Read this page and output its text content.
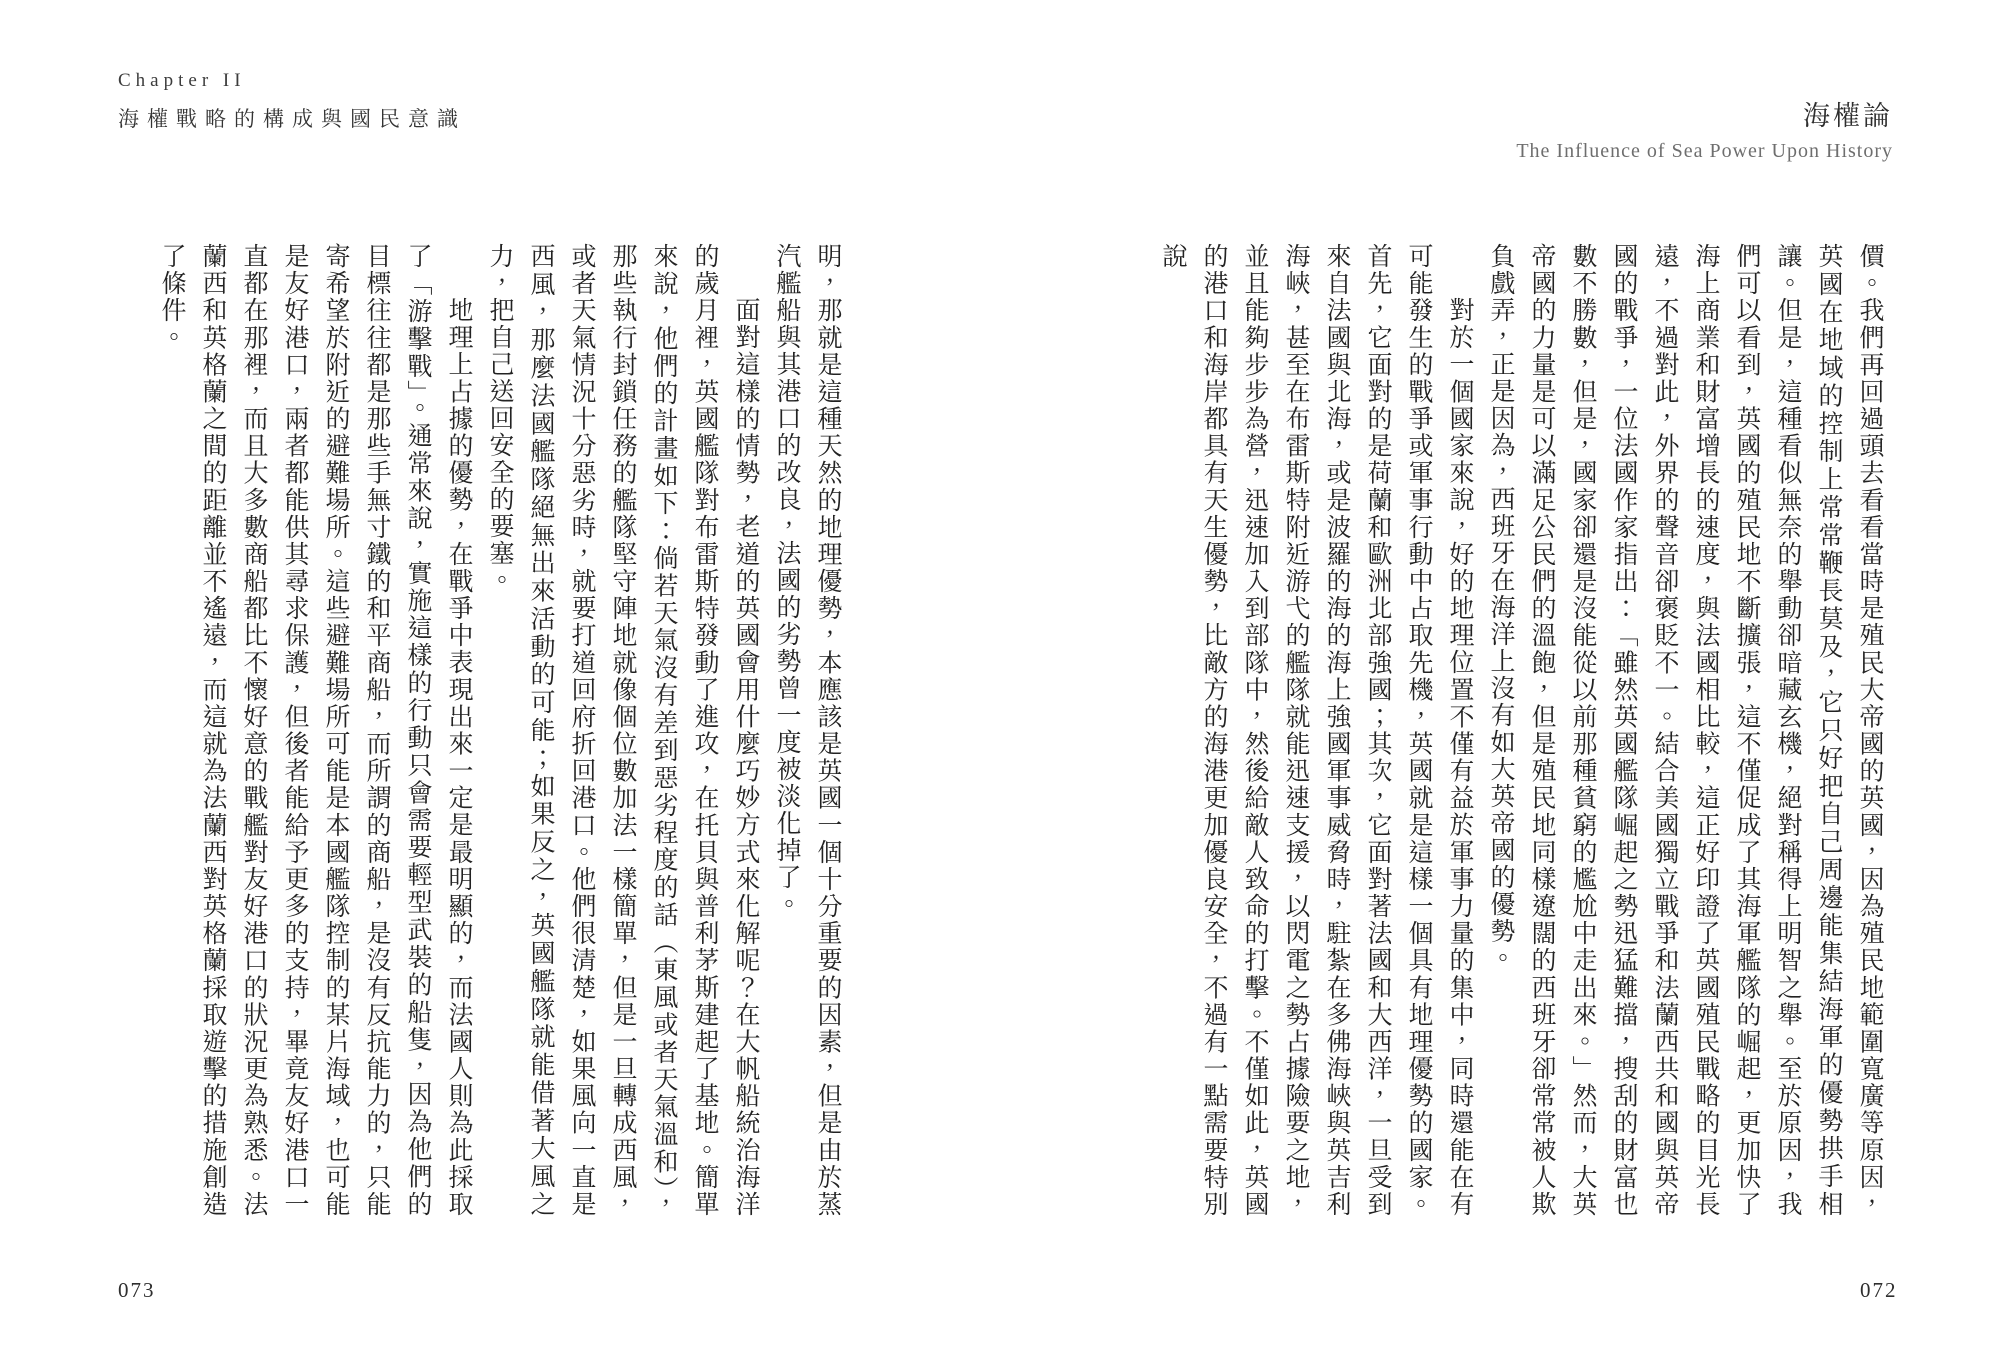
Chapter II
海權戰略的構成與國民意識

明，那就是這種天然的地理優勢，本應該是英國一個十分重要的因素，但是由於蒸汽艦船與其港口的改良，法國的劣勢曾一度被淡化掉了。

面對這樣的情勢，老道的英國會用什麼巧妙方式來化解呢？在大帆船統治海洋的歲月裡，英國艦隊對布雷斯特發動了進攻，在托貝與普利茅斯建起了基地。簡單來說，他們的計畫如下：倘若天氣沒有差到惡劣程度的話（東風或者天氣溫和），那些執行封鎖任務的艦隊堅守陣地就像個位數加法一樣簡單，但是一旦轉成西風，或者天氣情況十分惡劣時，就要打道回府折回港口。他們很清楚，如果風向一直是西風，那麼法國艦隊絕無出來活動的可能；如果反之，英國艦隊就能借著大風之力，把自己送回安全的要塞。

地理上占據的優勢，在戰爭中表現出來一定是最明顯的，而法國人則為此採取了「游擊戰」。通常來說，實施這樣的行動只會需要輕型武裝的船隻，因為他們的目標往往都是那些手無寸鐵的和平商船，而所謂的商船，是沒有反抗能力的，只能寄希望於附近的避難場所。這些避難場所可能是本國艦隊控制的某片海域，也可能是友好港口，兩者都能供其尋求保護，但後者能給予更多的支持，畢竟友好港口一直都在那裡，而且大多數商船都比不懷好意的戰艦對友好港口的狀況更為熟悉。法蘭西和英格蘭之間的距離並不遙遠，而這就為法蘭西對英格蘭採取遊擊的措施創造了條件。

073
海權論
The Influence of Sea Power Upon History

價。我們再回過頭去看看當時是殖民大帝國的英國，因為殖民地範圍寬廣等原因，英國在地域的控制上常常鞭長莫及，它只好把自己周邊能集結海軍的優勢拱手相讓。但是，這種看似無奈的舉動卻暗藏玄機，絕對稱得上明智之舉。至於原因，我們可以看到，英國的殖民地不斷擴張，這不僅促成了其海軍艦隊的崛起，更加快了海上商業和財富增長的速度，與法國相比較，這正好印證了英國殖民戰略的目光長遠，不過對此，外界的聲音卻褒貶不一。結合美國獨立戰爭和法蘭西共和國與英帝國的戰爭，一位法國作家指出：「雖然英國艦隊崛起之勢迅猛難擋，搜刮的財富也數不勝數，但是，國家卻還是沒能從以前那種貧窮的尷尬中走出來。」然而，大英帝國的力量是可以滿足公民們的溫飽，但是殖民地同樣遼闊的西班牙卻常常被人欺負戲弄，正是因為，西班牙在海洋上沒有如大英帝國的優勢。

對於一個國家來說，好的地理位置不僅有益於軍事力量的集中，同時還能在有可能發生的戰爭或軍事行動中占取先機，英國就是這樣一個具有地理優勢的國家。首先，它面對的是荷蘭和歐洲北部強國；其次，它面對著法國和大西洋，一旦受到來自法國與北海，或是波羅的海的海上強國軍事威脅時，駐紮在多佛海峽與英吉利海峽，甚至在布雷斯特附近游弋的艦隊就能迅速支援，以閃電之勢占據險要之地，並且能夠步步為營，迅速加入到部隊中，然後給敵人致命的打擊。不僅如此，英國的港口和海岸都具有天生優勢，比敵方的海港更加優良安全，不過有一點需要特別說

072
